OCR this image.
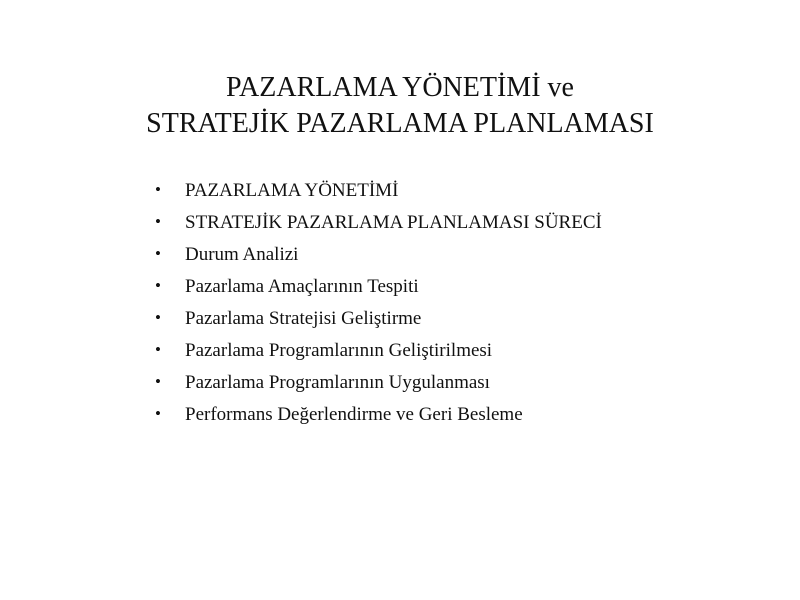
PAZARLAMA YÖNETİMİ ve
STRATEJİK PAZARLAMA PLANLAMASI
•	PAZARLAMA YÖNETİMİ
•	STRATEJİK PAZARLAMA PLANLAMASI SÜRECİ
•	Durum Analizi
•	Pazarlama Amaçlarının Tespiti
•	Pazarlama Stratejisi Geliştirme
•	Pazarlama Programlarının Geliştirilmesi
•	Pazarlama Programlarının Uygulanması
•	Performans Değerlendirme ve Geri Besleme
